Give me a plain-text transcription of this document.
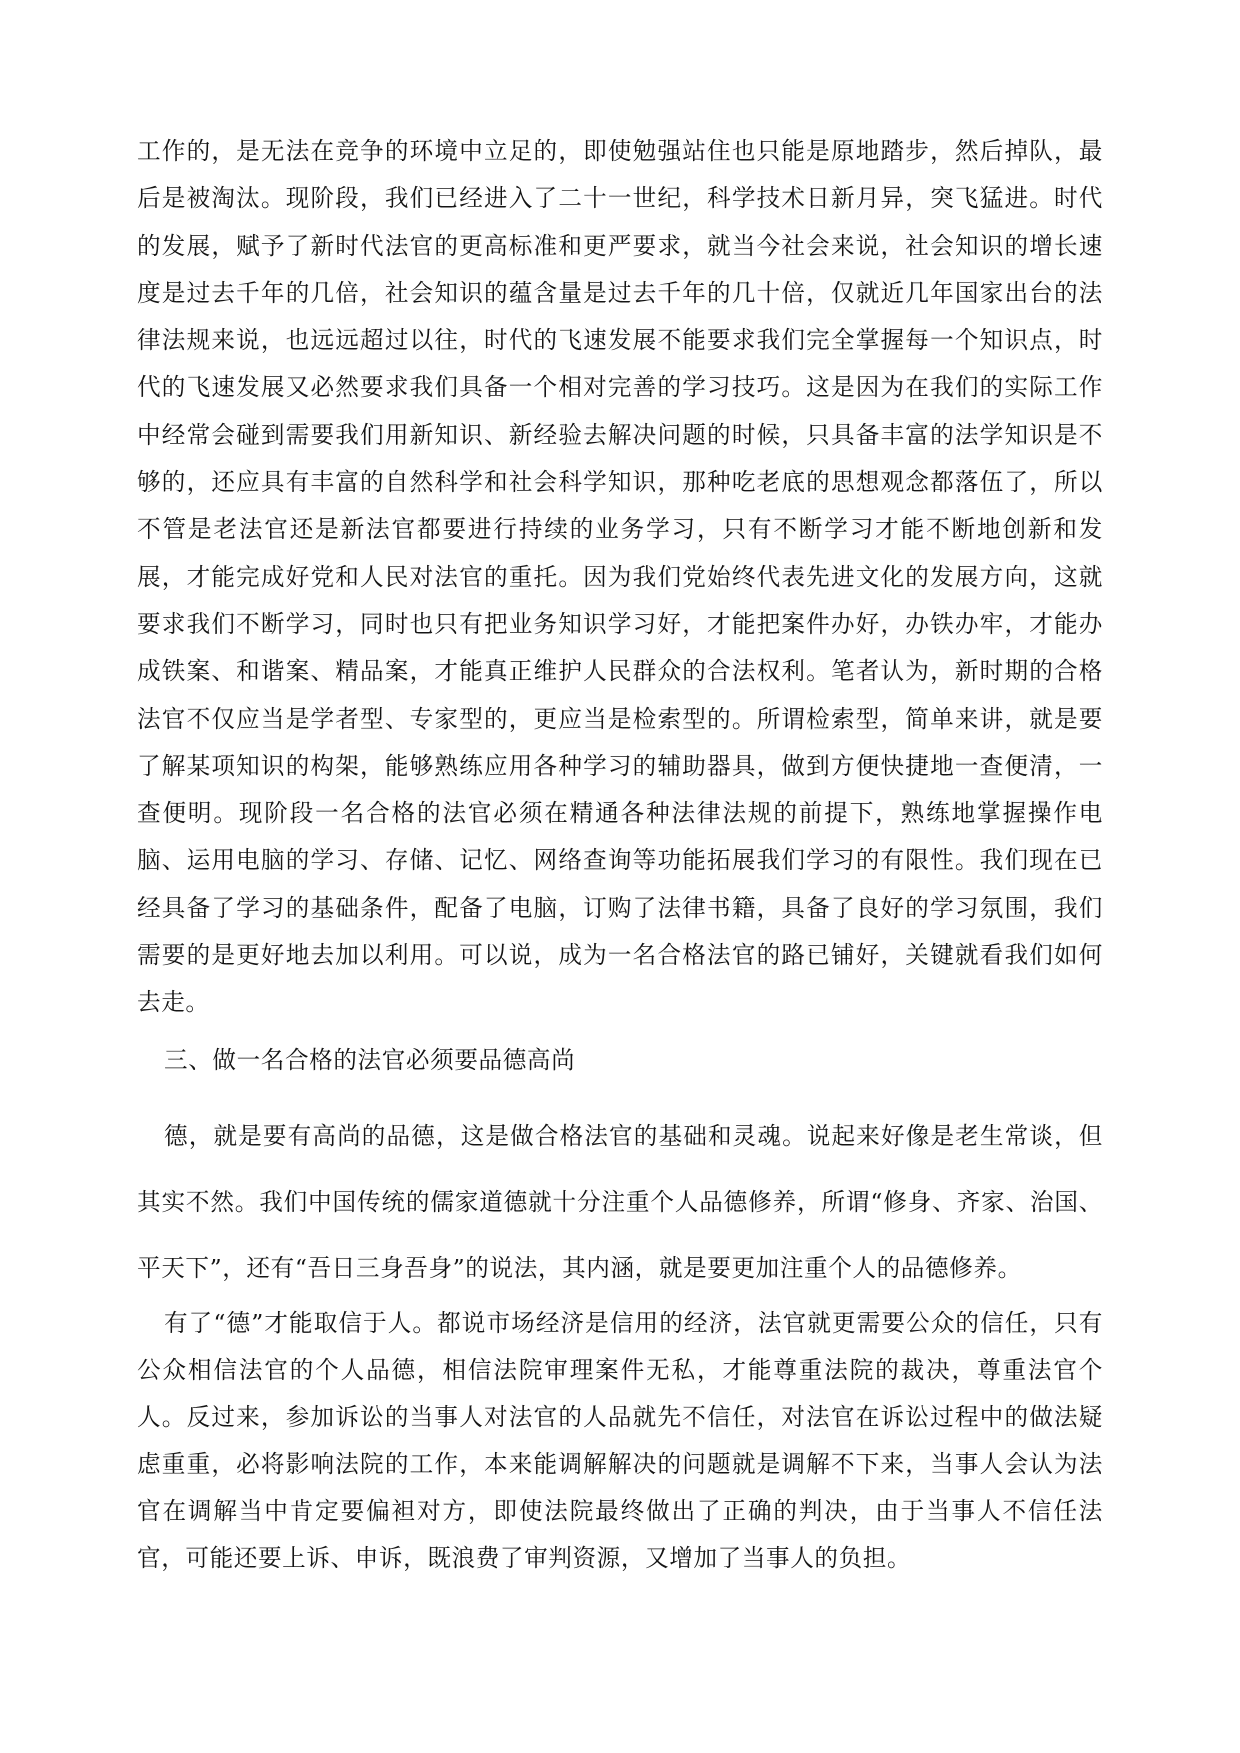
工作的，是无法在竞争的环境中立足的，即使勉强站住也只能是原地踏步，然后掉队，最后是被淘汰。现阶段，我们已经进入了二十一世纪，科学技术日新月异，突飞猛进。时代的发展，赋予了新时代法官的更高标准和更严要求，就当今社会来说，社会知识的增长速度是过去千年的几倍，社会知识的蕴含量是过去千年的几十倍，仅就近几年国家出台的法律法规来说，也远远超过以往，时代的飞速发展不能要求我们完全掌握每一个知识点，时代的飞速发展又必然要求我们具备一个相对完善的学习技巧。这是因为在我们的实际工作中经常会碰到需要我们用新知识、新经验去解决问题的时候，只具备丰富的法学知识是不够的，还应具有丰富的自然科学和社会科学知识，那种吃老底的思想观念都落伍了，所以不管是老法官还是新法官都要进行持续的业务学习，只有不断学习才能不断地创新和发展，才能完成好党和人民对法官的重托。因为我们党始终代表先进文化的发展方向，这就要求我们不断学习，同时也只有把业务知识学习好，才能把案件办好，办铁办牢，才能办成铁案、和谐案、精品案，才能真正维护人民群众的合法权利。笔者认为，新时期的合格法官不仅应当是学者型、专家型的，更应当是检索型的。所谓检索型，简单来讲，就是要了解某项知识的构架，能够熟练应用各种学习的辅助器具，做到方便快捷地一查便清，一查便明。现阶段一名合格的法官必须在精通各种法律法规的前提下，熟练地掌握操作电脑、运用电脑的学习、存储、记忆、网络查询等功能拓展我们学习的有限性。我们现在已经具备了学习的基础条件，配备了电脑，订购了法律书籍，具备了良好的学习氛围，我们需要的是更好地去加以利用。可以说，成为一名合格法官的路已铺好，关键就看我们如何去走。
三、做一名合格的法官必须要品德高尚
德，就是要有高尚的品德，这是做合格法官的基础和灵魂。说起来好像是老生常谈，但其实不然。我们中国传统的儒家道德就十分注重个人品德修养，所谓“修身、齐家、治国、平天下”，还有“吾日三身吾身”的说法，其内涵，就是要更加注重个人的品德修养。
有了“德”才能取信于人。都说市场经济是信用的经济，法官就更需要公众的信任，只有公众相信法官的个人品德，相信法院审理案件无私，才能尊重法院的裁决，尊重法官个人。反过来，参加诉讼的当事人对法官的人品就先不信任，对法官在诉讼过程中的做法疑虑重重，必将影响法院的工作，本来能调解解决的问题就是调解不下来，当事人会认为法官在调解当中肯定要偏袒对方，即使法院最终做出了正确的判决，由于当事人不信任法官，可能还要上诉、申诉，既浪费了审判资源，又增加了当事人的负担。
